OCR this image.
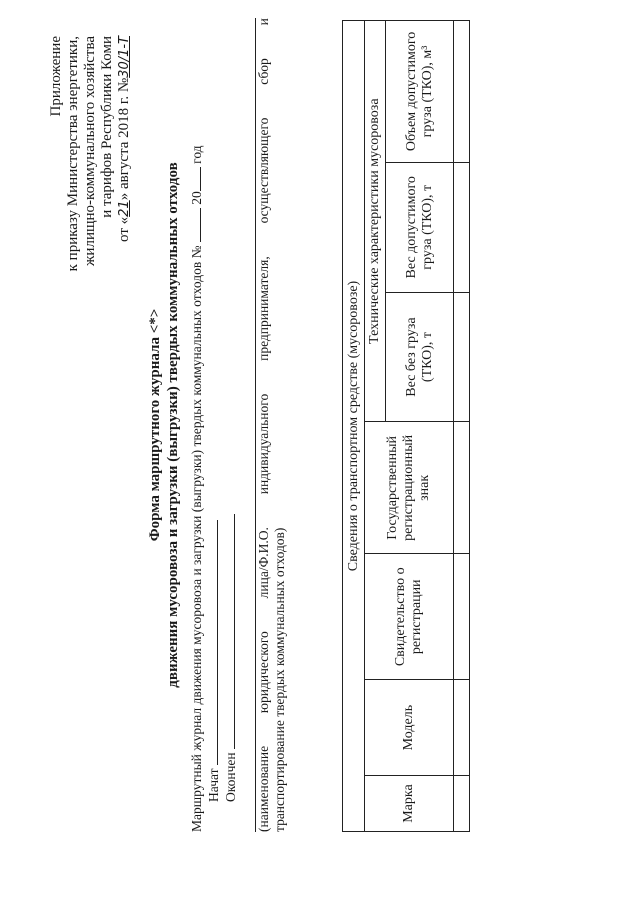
Приложение к приказу Министерства энергетики, жилищно-коммунального хозяйства и тарифов Республики Коми
от «21» августа 2018 г. №30/1-Т
Форма маршрутного журнала <*> движения мусоровоза и загрузки (выгрузки) твердых коммунальных отходов Маршрутный журнал движения мусоровоза и загрузки (выгрузки) твердых коммунальных отходов №  20 год
Начат Окончен (наименование
юридического
лица/Ф.И.О.
индивидуального
предпринимателя,
осуществляющего
сбор
и
транспортирование твердых коммунальных отходов)
Сведения о транспортном средстве (мусоровозе)						
Марка	Модель	Свидетельство о регистрации	Государственный регистрационный знак	Технические характеристики мусоровоза		
				Вес без груза (ТКО), т	Вес допустимого груза (ТКО), т	Объем допустимого груза (ТКО), м³
